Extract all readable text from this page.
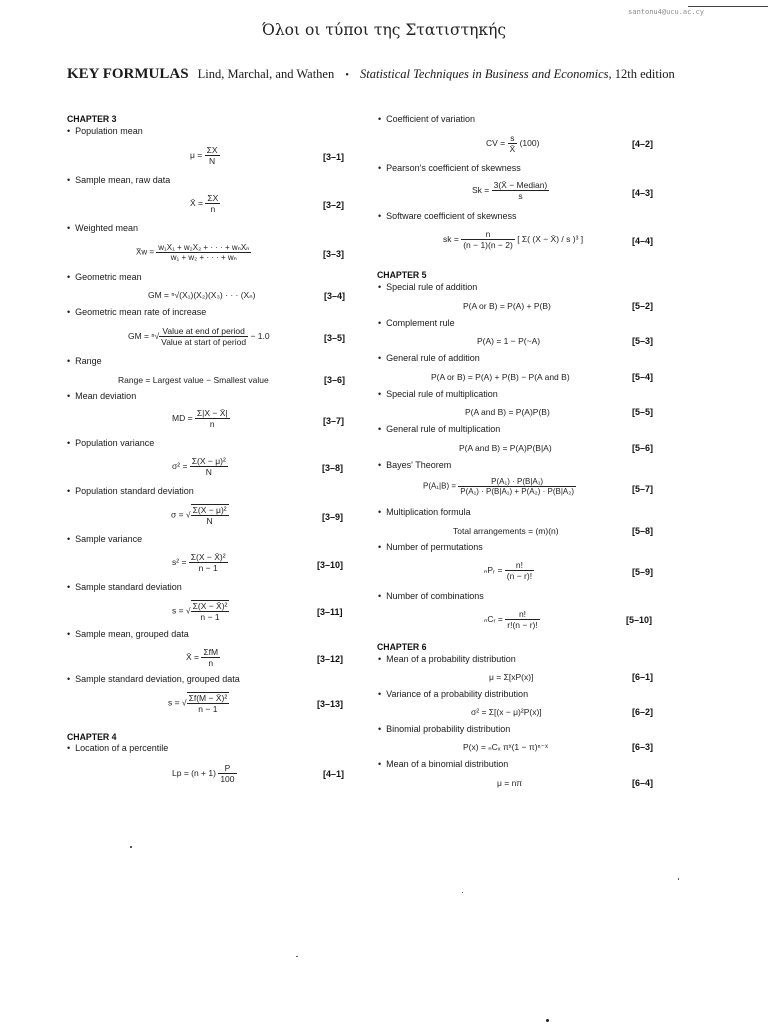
santonu4@ucu.ac.cy
Όλοι οι τύποι της Στατιστηκής
KEY FORMULAS Lind, Marchal, and Wathen • Statistical Techniques in Business and Economics, 12th edition
CHAPTER 3
• Population mean
$\mu = \frac{\Sigma X}{N}$	[3–1]
• Sample mean, raw data
X̄ = $\frac{\Sigma X}{n}$	[3–2]
• Weighted mean
X̄w = $\frac{\text{w₁X₁ + w₂X₂ + · · · + wₙXₙ}}{\text{w₁ + w₂ + · · · + wₙ}}$	[3–3]
• Geometric mean
GM = ⁿ√(X₁)(X₂)(X₃) · · · (Xₙ)	[3–4]
• Geometric mean rate of increase
GM = $^n√ \frac{\text{Value at end of period}}{\text{Value at start of period}} - 1.0$	[3–5]
• Range
Range = Largest value − Smallest value	[3–6]
• Mean deviation
MD = $\frac{\Sigma|X - X̄|}{n}$	[3–7]
• Population variance
$\sigma^2 = \frac{\text{Σ(X − μ)²}}{N}$	[3–8]
• Population standard deviation
σ = √ $\frac{\text{Σ(X − μ)²}}{N}$	[3–9]
• Sample variance
$s^2 = \frac{\text{Σ(X − X̄)²}}{n - 1}$	[3–10]
• Sample standard deviation
s = √ $\frac{\text{Σ(X − X̄)²}}{n - 1}$	[3–11]
• Sample mean, grouped data
X̄ = $\frac{\text{ΣfM}}{n}$	[3–12]
• Sample standard deviation, grouped data
s = √ $\frac{\text{Σf(M − X̄)²}}{n - 1}$	[3–13]
CHAPTER 4
• Location of a percentile
$Lp = (n + 1) \frac{P}{100}$	[4–1]
• Coefficient of variation
CV = $\frac{s}{X̄} (100)$	[4–2]
• Pearson's coefficient of skewness
$Sk = \frac{\text{3(X̄ − Median)}}{s}$	[4–3]
• Software coefficient of skewness
sk = $\frac{n}{(n - 1)(n - 2)}$ [ Σ( (X − X̄) / s )³ ]	[4–4]
CHAPTER 5
• Special rule of addition
P(A or B) = P(A) + P(B)	[5–2]
• Complement rule
P(A) = 1 − P(~A)	[5–3]
• General rule of addition
P(A or B) = P(A) + P(B) − P(A and B)	[5–4]
• Special rule of multiplication
P(A and B) = P(A)P(B)	[5–5]
• General rule of multiplication
P(A and B) = P(A)P(B|A)	[5–6]
• Bayes' Theorem
$P(A_1|B) = \frac{\text{P(A₁) · P(B|A₁)}}{\text{P(A₁) · P(B|A₁) + P(A₂) · P(B|A₂)}}$	[5–7]
• Multiplication formula
Total arrangements = (m)(n)	[5–8]
• Number of permutations
ₙPᵣ = $\frac{n!}{(n - r)!}$	[5–9]
• Number of combinations
ₙCᵣ = $\frac{n!}{r!(n - r)!}$	[5–10]
CHAPTER 6
• Mean of a probability distribution
μ = Σ[xP(x)]	[6–1]
• Variance of a probability distribution
σ² = Σ[(x − μ)²P(x)]	[6–2]
• Binomial probability distribution
P(x) = ₙCₓ πˣ(1 − π)ⁿ⁻ˣ	[6–3]
• Mean of a binomial distribution
μ = nπ	[6–4]
